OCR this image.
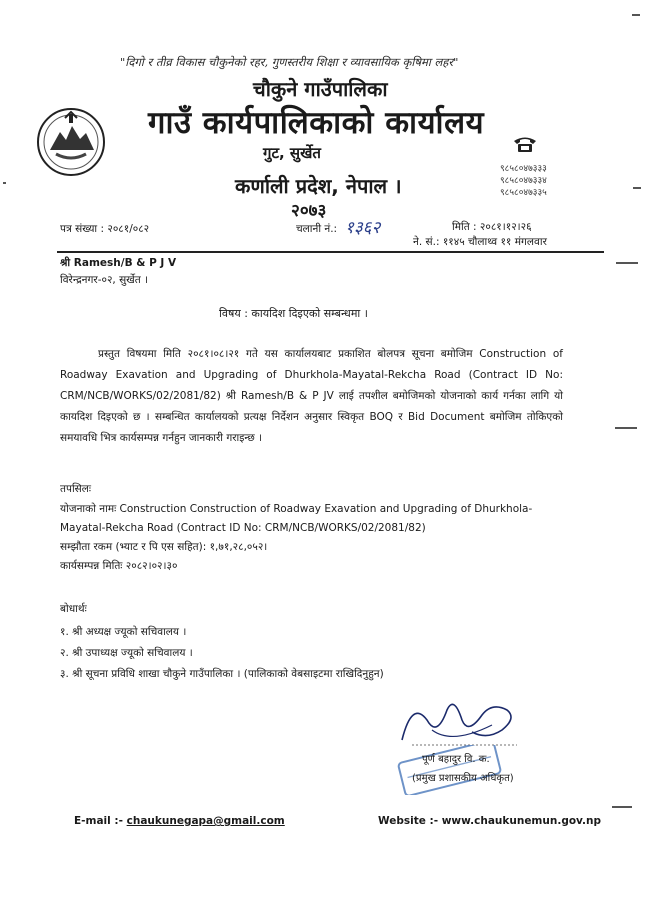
"दिगो र तीव्र विकास चौकुनेको रहर, गुणस्तरीय शिक्षा र व्यावसायिक कृषिमा लहर"
चौकुने गाउँपालिका
गाउँ कार्यपालिकाको कार्यालय
गुट, सुर्खेत
कर्णाली प्रदेश, नेपाल ।
२०७३
९८५८०४७३३३
९८५८०४७३३४
९८५८०४७३३५
पत्र संख्या : २०८१/०८२	चलानी नं.: १३६२	मिति : २०८१।१२।२६
ने. सं.: ११४५ चौलाथ्व ११ मंगलवार
श्री Ramesh/B & P J V
विरेन्द्रनगर-०२, सुर्खेत ।
विषय : कायदिश दिइएको सम्बन्धमा ।
प्रस्तुत विषयमा मिति २०८१।०८।२१ गते यस कार्यालयबाट प्रकाशित बोलपत्र सूचना बमोजिम Construction of Roadway Exavation and Upgrading of Dhurkhola-Mayatal-Rekcha Road (Contract ID No: CRM/NCB/WORKS/02/2081/82) श्री Ramesh/B & P JV लाई तपशील बमोजिमको योजनाको कार्य गर्नका लागि यो कायदिश दिइएको छ । सम्बन्धित कार्यालयको प्रत्यक्ष निर्देशन अनुसार स्विकृत BOQ र Bid Document बमोजिम तोकिएको समयावधि भित्र कार्यसम्पन्न गर्नहुन जानकारी गराइन्छ ।
तपसिलः
योजनाको नामः Construction Construction of Roadway Exavation and Upgrading of Dhurkhola-Mayatal-Rekcha Road (Contract ID No: CRM/NCB/WORKS/02/2081/82)
सम्झौता रकम (भ्याट र पि एस सहित): १,७१,२८,०५२।
कार्यसम्पन्न मितिः २०८२।०२।३०
बोधार्थः
१. श्री अध्यक्ष ज्यूको सचिवालय ।
२. श्री उपाध्यक्ष ज्यूको सचिवालय ।
३. श्री सूचना प्रविधि शाखा चौकुने गाउँपालिका । (पालिकाको वेबसाइटमा राखिदिनुहुन)
पूर्ण बहादुर वि. क.
(प्रमुख प्रशासकीय अधिकृत)
E-mail :- chaukunegapa@gmail.com	Website :- www.chaukunemun.gov.np
